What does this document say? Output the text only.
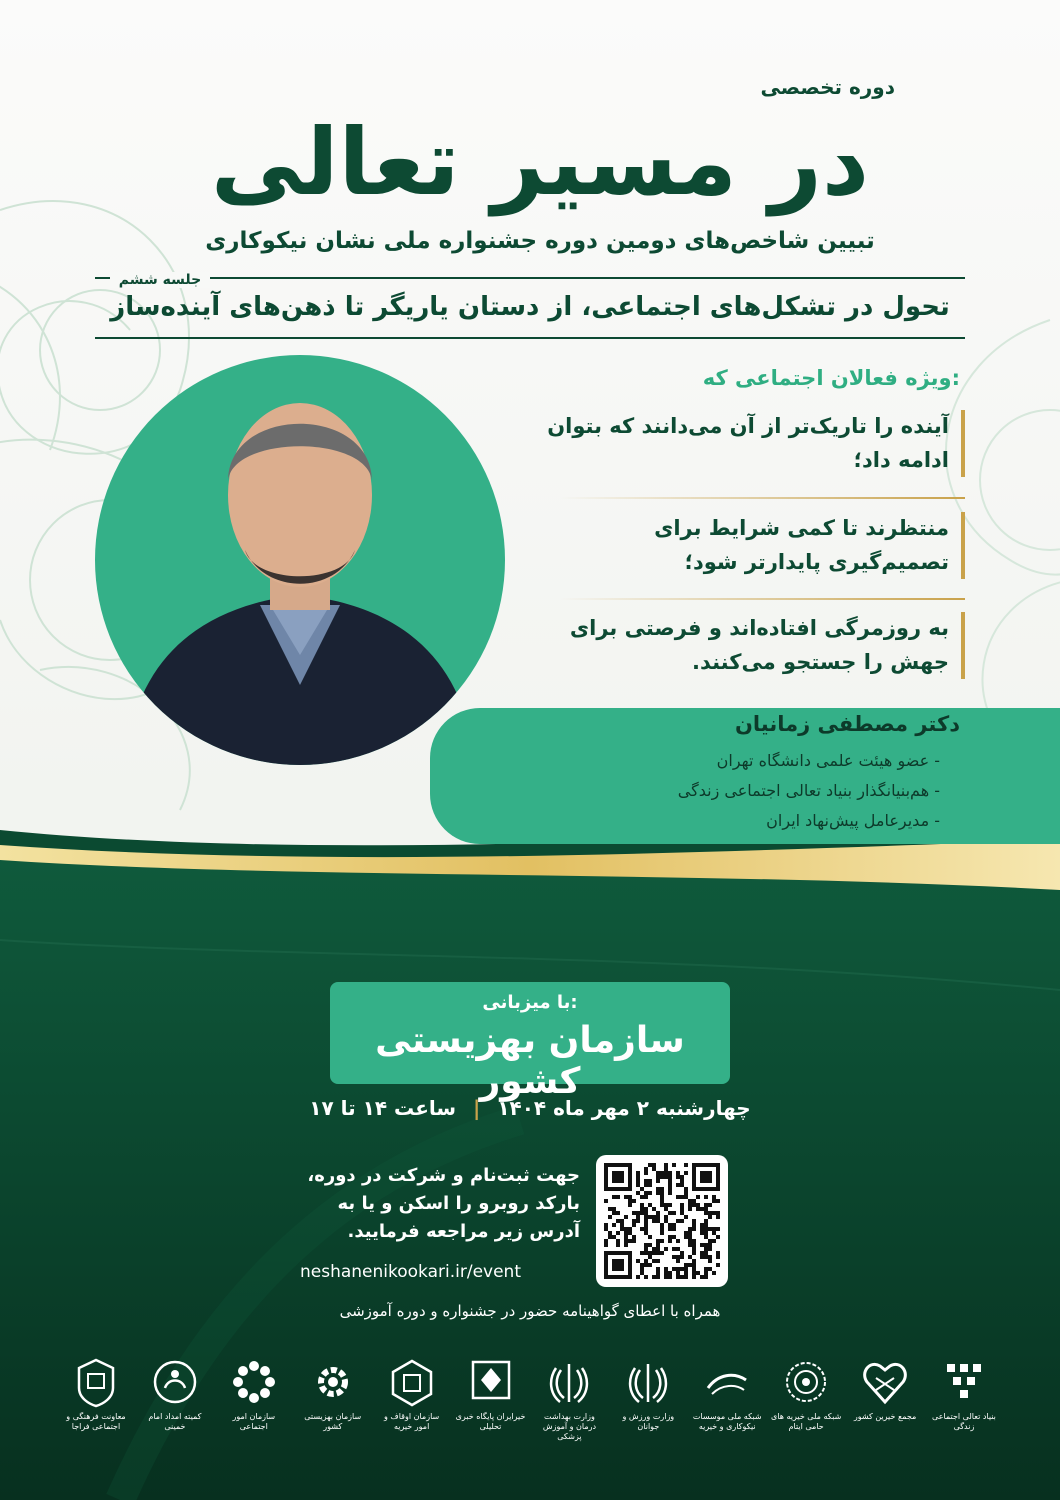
دوره تخصصی
در مسیر تعالی
تبیین شاخص‌های دومین دوره جشنواره ملی نشان نیکوکاری
جلسه ششم
تحول در تشکل‌های اجتماعی، از دستان یاریگر تا ذهن‌های آینده‌ساز
ویژه فعالان اجتماعی که:
آینده را تاریک‌تر از آن می‌دانند که بتوان ادامه داد؛
منتظرند تا کمی شرایط برای تصمیم‌گیری پایدارتر شود؛
به روزمرگی افتاده‌اند و فرصتی برای جهش را جستجو می‌کنند.
دکتر مصطفی زمانیان
- عضو هیئت علمی دانشگاه تهران
- هم‌بنیانگذار بنیاد تعالی اجتماعی زندگی
- مدیرعامل پیش‌نهاد ایران
با میزبانی:
سازمان بهزیستی کشور
چهارشنبه ۲ مهر ماه ۱۴۰۴ | ساعت ۱۴ تا ۱۷
جهت ثبت‌نام و شرکت در دوره، بارکد روبرو را اسکن و یا به آدرس زیر مراجعه فرمایید.
neshanenikookari.ir/event
همراه با اعطای گواهینامه حضور در جشنواره و دوره آموزشی
معاونت فرهنگی و اجتماعی فراجا
کمیته امداد امام خمینی
سازمان امور اجتماعی
سازمان بهزیستی کشور
سازمان اوقاف و امور خیریه
خیرایران پایگاه خبری تحلیلی
وزارت بهداشت درمان و آموزش پزشکی
وزارت ورزش و جوانان
شبکه ملی موسسات نیکوکاری و خیریه
شبکه ملی خیریه های حامی ایتام
مجمع خیرین کشور	بنیاد تعالی اجتماعی زندگی
